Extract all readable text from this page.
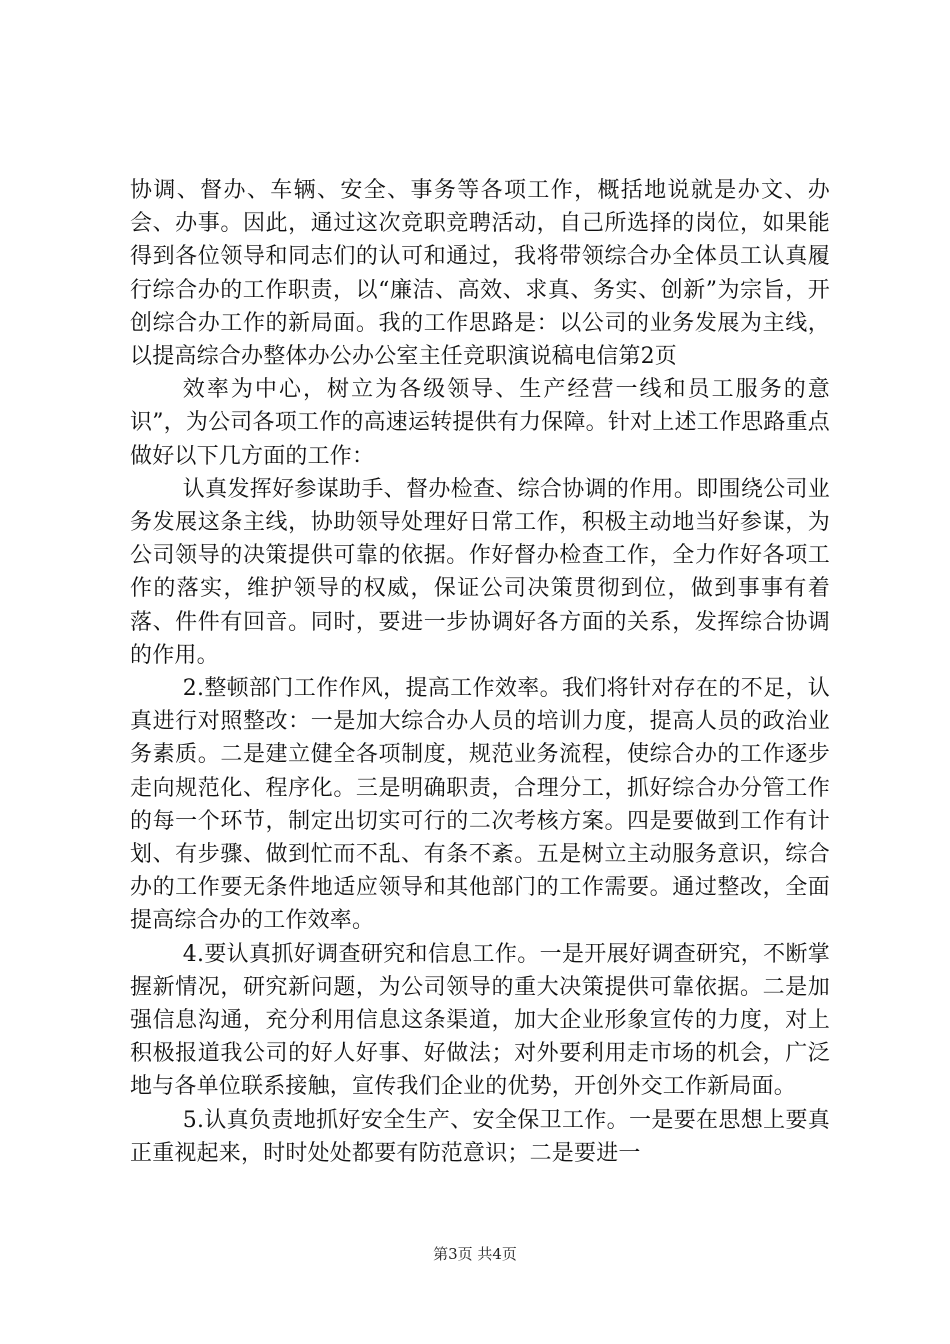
协调、督办、车辆、安全、事务等各项工作，概括地说就是办文、办会、办事。因此，通过这次竞职竞聘活动，自己所选择的岗位，如果能得到各位领导和同志们的认可和通过，我将带领综合办全体员工认真履行综合办的工作职责，以“廉洁、高效、求真、务实、创新”为宗旨，开创综合办工作的新局面。我的工作思路是：以公司的业务发展为主线，以提高综合办整体办公办公室主任竞职演说稿电信第2页

效率为中心，树立为各级领导、生产经营一线和员工服务的意识”，为公司各项工作的高速运转提供有力保障。针对上述工作思路重点做好以下几方面的工作：

认真发挥好参谋助手、督办检查、综合协调的作用。即围绕公司业务发展这条主线，协助领导处理好日常工作，积极主动地当好参谋，为公司领导的决策提供可靠的依据。作好督办检查工作，全力作好各项工作的落实，维护领导的权威，保证公司决策贯彻到位，做到事事有着落、件件有回音。同时，要进一步协调好各方面的关系，发挥综合协调的作用。

2.整顿部门工作作风，提高工作效率。我们将针对存在的不足，认真进行对照整改：一是加大综合办人员的培训力度，提高人员的政治业务素质。二是建立健全各项制度，规范业务流程，使综合办的工作逐步走向规范化、程序化。三是明确职责，合理分工，抓好综合办分管工作的每一个环节，制定出切实可行的二次考核方案。四是要做到工作有计划、有步骤、做到忙而不乱、有条不紊。五是树立主动服务意识，综合办的工作要无条件地适应领导和其他部门的工作需要。通过整改，全面提高综合办的工作效率。

4.要认真抓好调查研究和信息工作。一是开展好调查研究，不断掌握新情况，研究新问题，为公司领导的重大决策提供可靠依据。二是加强信息沟通，充分利用信息这条渠道，加大企业形象宣传的力度，对上积极报道我公司的好人好事、好做法；对外要利用走市场的机会，广泛地与各单位联系接触，宣传我们企业的优势，开创外交工作新局面。

5.认真负责地抓好安全生产、安全保卫工作。一是要在思想上要真正重视起来，时时处处都要有防范意识；二是要进一

第3页 共4页
